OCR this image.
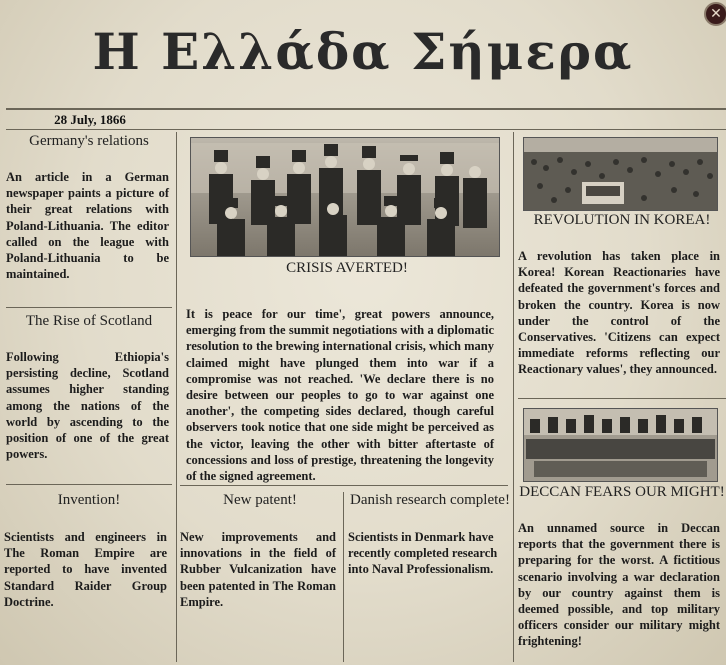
Η Ελλάδα Σήμερα
✕
28 July, 1866
Germany's relations
An article in a German newspaper paints a picture of their great relations with Poland-Lithuania. The editor called on the league with Poland-Lithuania to be maintained.
The Rise of Scotland
Following Ethiopia's persisting decline, Scotland assumes higher standing among the nations of the world by ascending to the position of one of the great powers.
Invention!
Scientists and engineers in The Roman Empire are reported to have invented Standard Raider Group Doctrine.
CRISIS AVERTED!
It is peace for our time', great powers announce, emerging from the summit negotiations with a diplomatic resolution to the brewing international crisis, which many claimed might have plunged them into war if a compromise was not reached. 'We declare there is no desire between our peoples to go to war against one another', the competing sides declared, though careful observers took notice that one side might be perceived as the victor, leaving the other with bitter aftertaste of concessions and loss of prestige, threatening the longevity of the signed agreement.
New patent!
New improvements and innovations in the field of Rubber Vulcanization have been patented in The Roman Empire.
Danish research complete!
Scientists in Denmark have recently completed research into Naval Professionalism.
REVOLUTION IN KOREA!
A revolution has taken place in Korea! Korean Reactionaries have defeated the government's forces and broken the country. Korea is now under the control of the Conservatives. 'Citizens can expect immediate reforms reflecting our Reactionary values', they announced.
DECCAN FEARS OUR MIGHT!
An unnamed source in Deccan reports that the government there is preparing for the worst. A fictitious scenario involving a war declaration by our country against them is deemed possible, and top military officers consider our military might frightening!
